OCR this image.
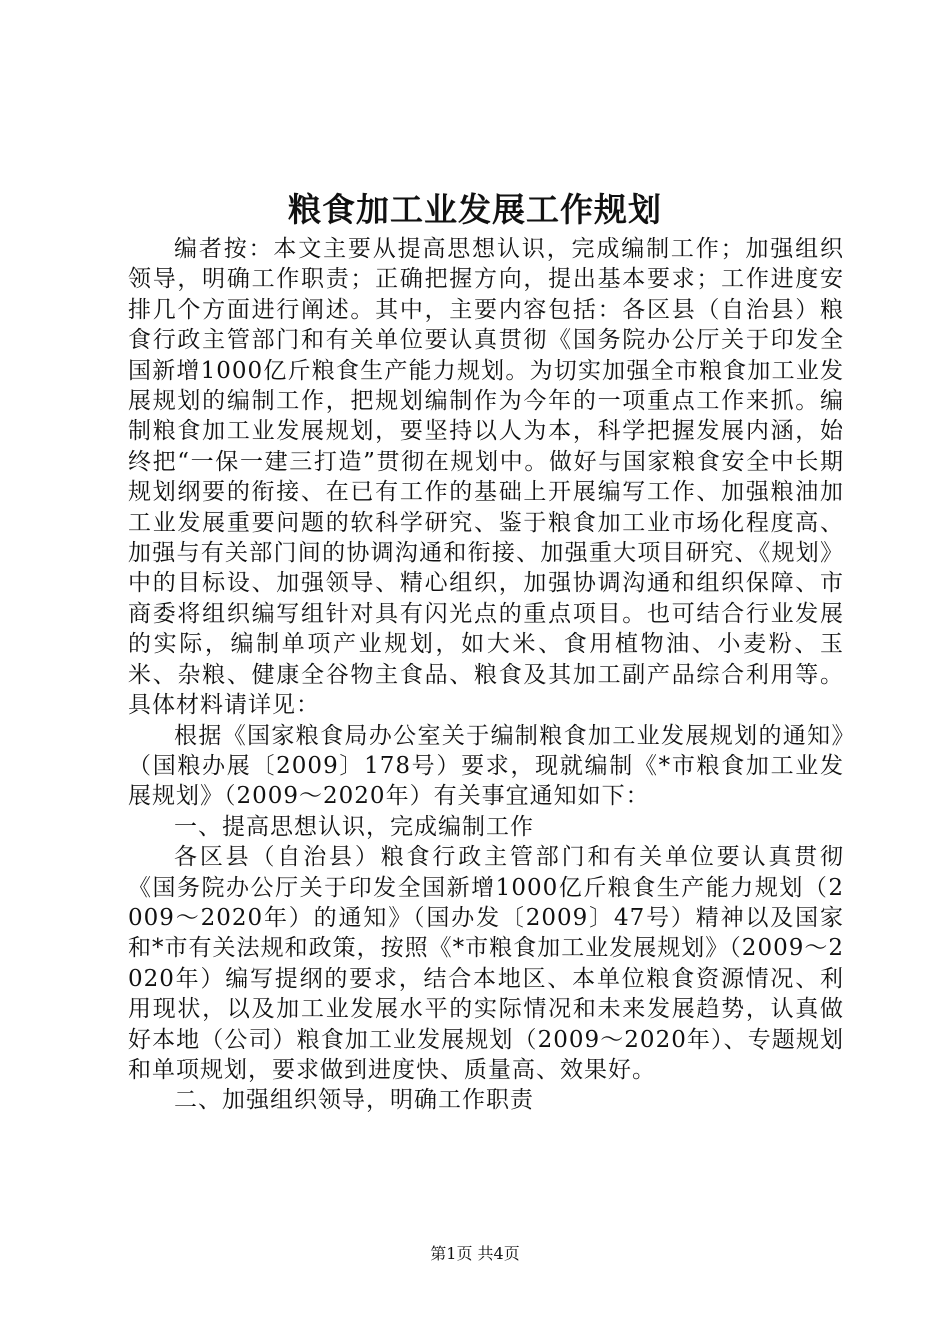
粮食加工业发展工作规划

编者按：本文主要从提高思想认识，完成编制工作；加强组织领导，明确工作职责；正确把握方向，提出基本要求；工作进度安排几个方面进行阐述。其中，主要内容包括：各区县（自治县）粮食行政主管部门和有关单位要认真贯彻《国务院办公厅关于印发全国新增1000亿斤粮食生产能力规划。为切实加强全市粮食加工业发展规划的编制工作，把规划编制作为今年的一项重点工作来抓。编制粮食加工业发展规划，要坚持以人为本，科学把握发展内涵，始终把“一保一建三打造”贯彻在规划中。做好与国家粮食安全中长期规划纲要的衔接、在已有工作的基础上开展编写工作、加强粮油加工业发展重要问题的软科学研究、鉴于粮食加工业市场化程度高、加强与有关部门间的协调沟通和衔接、加强重大项目研究、《规划》中的目标设、加强领导、精心组织，加强协调沟通和组织保障、市商委将组织编写组针对具有闪光点的重点项目。也可结合行业发展的实际，编制单项产业规划，如大米、食用植物油、小麦粉、玉米、杂粮、健康全谷物主食品、粮食及其加工副产品综合利用等。具体材料请详见：

根据《国家粮食局办公室关于编制粮食加工业发展规划的通知》（国粮办展〔2009〕178号）要求，现就编制《*市粮食加工业发展规划》（2009～2020年）有关事宜通知如下：

一、提高思想认识，完成编制工作

各区县（自治县）粮食行政主管部门和有关单位要认真贯彻《国务院办公厅关于印发全国新增1000亿斤粮食生产能力规划（2009～2020年）的通知》（国办发〔2009〕47号）精神以及国家和*市有关法规和政策，按照《*市粮食加工业发展规划》（2009～2020年）编写提纲的要求，结合本地区、本单位粮食资源情况、利用现状，以及加工业发展水平的实际情况和未来发展趋势，认真做好本地（公司）粮食加工业发展规划（2009～2020年）、专题规划和单项规划，要求做到进度快、质量高、效果好。

二、加强组织领导，明确工作职责

第1页 共4页
